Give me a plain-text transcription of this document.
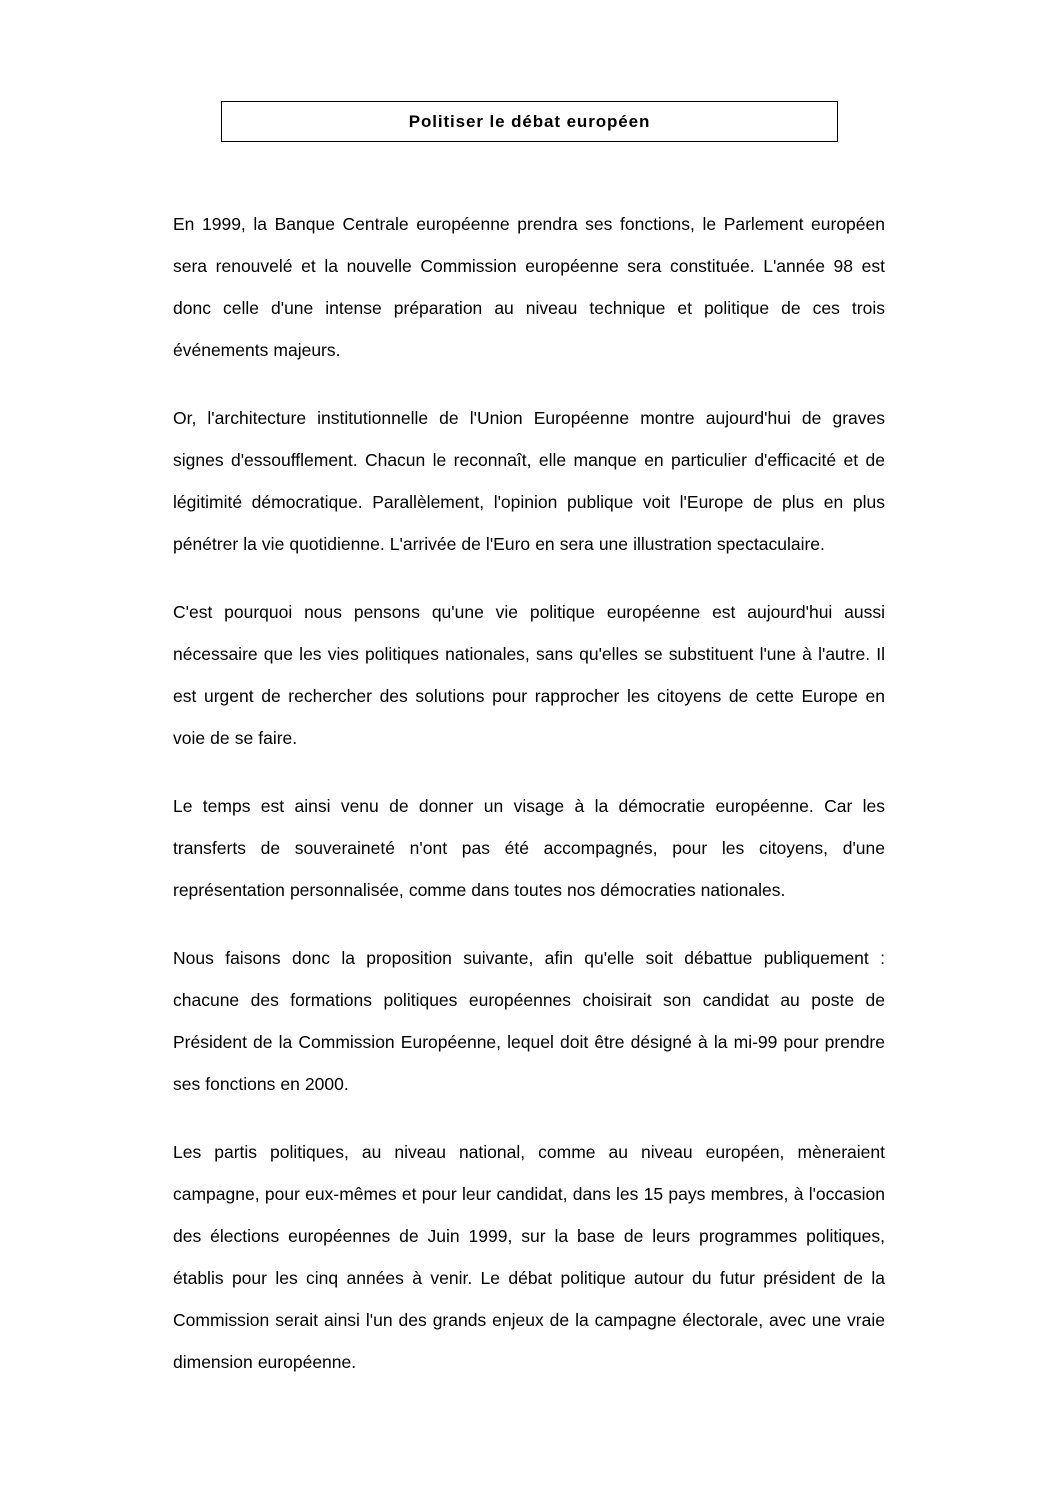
Politiser le débat européen

En 1999, la Banque Centrale européenne prendra ses fonctions, le Parlement européen sera renouvelé et la nouvelle Commission européenne sera constituée. L'année 98 est donc celle d'une intense préparation au niveau technique et politique de ces trois événements majeurs.

Or, l'architecture institutionnelle de l'Union Européenne montre aujourd'hui de graves signes d'essoufflement. Chacun le reconnaît, elle manque en particulier d'efficacité et de légitimité démocratique. Parallèlement, l'opinion publique voit l'Europe de plus en plus pénétrer la vie quotidienne. L'arrivée de l'Euro en sera une illustration spectaculaire.

C'est pourquoi nous pensons qu'une vie politique européenne est aujourd'hui aussi nécessaire que les vies politiques nationales, sans qu'elles se substituent l'une à l'autre. Il est urgent de rechercher des solutions pour rapprocher les citoyens de cette Europe en voie de se faire.

Le temps est ainsi venu de donner un visage à la démocratie européenne. Car les transferts de souveraineté n'ont pas été accompagnés, pour les citoyens, d'une représentation personnalisée, comme dans toutes nos démocraties nationales.

Nous faisons donc la proposition suivante, afin qu'elle soit débattue publiquement : chacune des formations politiques européennes choisirait son candidat au poste de Président de la Commission Européenne, lequel doit être désigné à la mi-99 pour prendre ses fonctions en 2000.

Les partis politiques, au niveau national, comme au niveau européen, mèneraient campagne, pour eux-mêmes et pour leur candidat, dans les 15 pays membres, à l'occasion des élections européennes de Juin 1999, sur la base de leurs programmes politiques, établis pour les cinq années à venir. Le débat politique autour du futur président de la Commission serait ainsi l'un des grands enjeux de la campagne électorale, avec une vraie dimension européenne.
